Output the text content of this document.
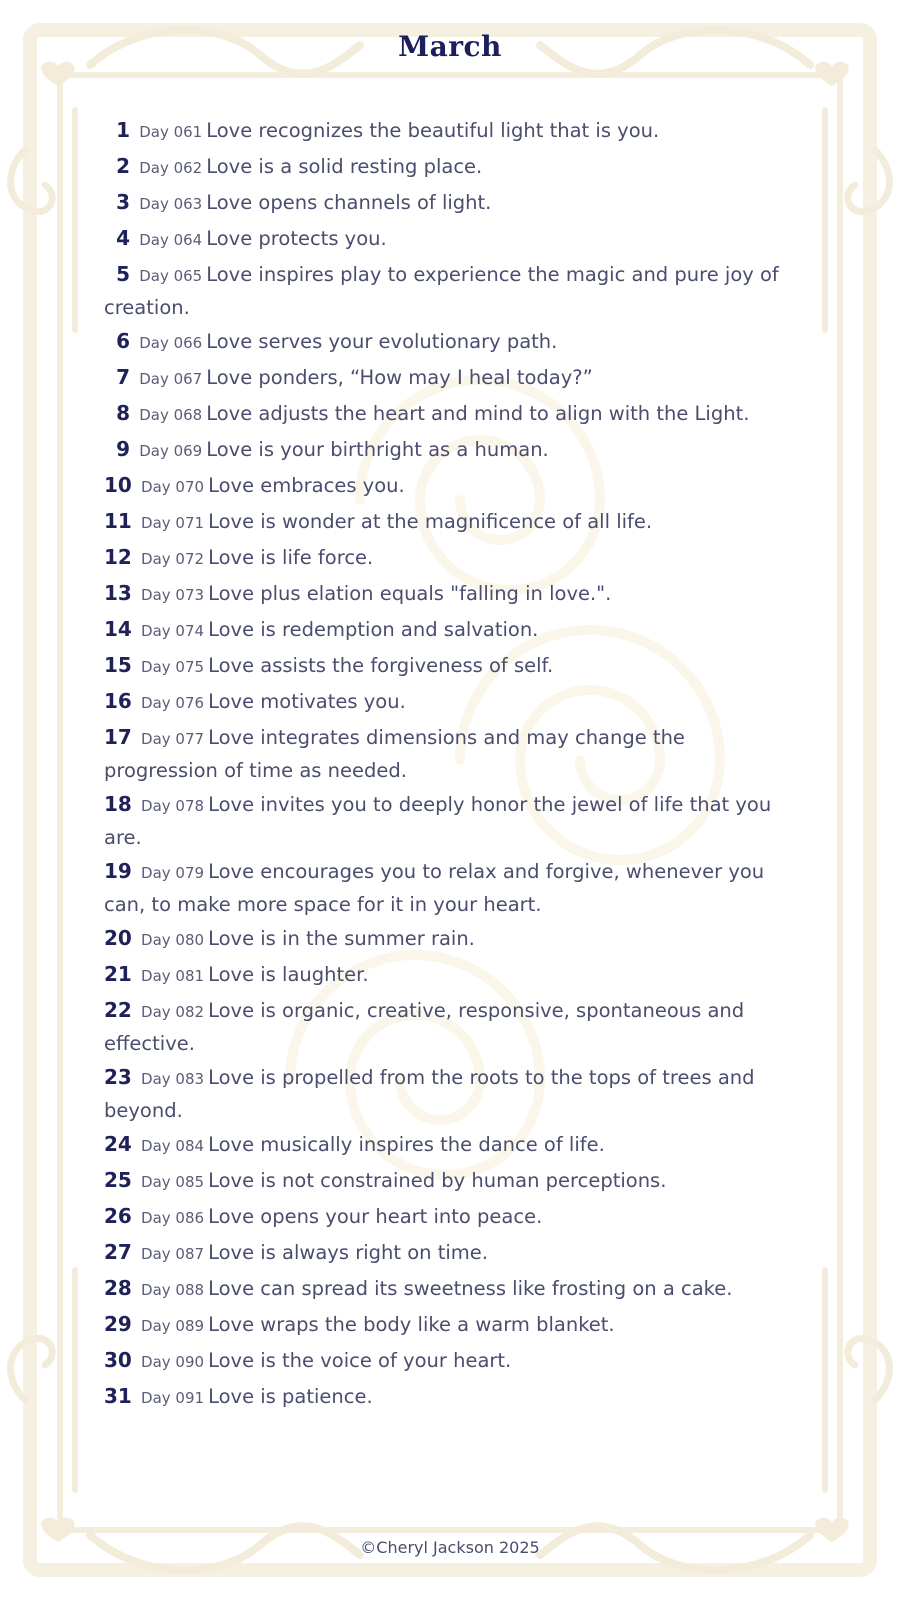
March
1 Day 061 Love recognizes the beautiful light that is you.
2 Day 062 Love is a solid resting place.
3 Day 063 Love opens channels of light.
4 Day 064 Love protects you.
5 Day 065 Love inspires play to experience the magic and pure joy of creation.
6 Day 066 Love serves your evolutionary path.
7 Day 067 Love ponders, “How may I heal today?”
8 Day 068 Love adjusts the heart and mind to align with the Light.
9 Day 069 Love is your birthright as a human.
10 Day 070 Love embraces you.
11 Day 071 Love is wonder at the magnificence of all life.
12 Day 072 Love is life force.
13 Day 073 Love plus elation equals "falling in love.".
14 Day 074 Love is redemption and salvation.
15 Day 075 Love assists the forgiveness of self.
16 Day 076 Love motivates you.
17 Day 077 Love integrates dimensions and may change the progression of time as needed.
18 Day 078 Love invites you to deeply honor the jewel of life that you are.
19 Day 079 Love encourages you to relax and forgive, whenever you can, to make more space for it in your heart.
20 Day 080 Love is in the summer rain.
21 Day 081 Love is laughter.
22 Day 082 Love is organic, creative, responsive, spontaneous and effective.
23 Day 083 Love is propelled from the roots to the tops of trees and beyond.
24 Day 084 Love musically inspires the dance of life.
25 Day 085 Love is not constrained by human perceptions.
26 Day 086 Love opens your heart into peace.
27 Day 087 Love is always right on time.
28 Day 088 Love can spread its sweetness like frosting on a cake.
29 Day 089 Love wraps the body like a warm blanket.
30 Day 090 Love is the voice of your heart.
31 Day 091 Love is patience.
©Cheryl Jackson 2025
